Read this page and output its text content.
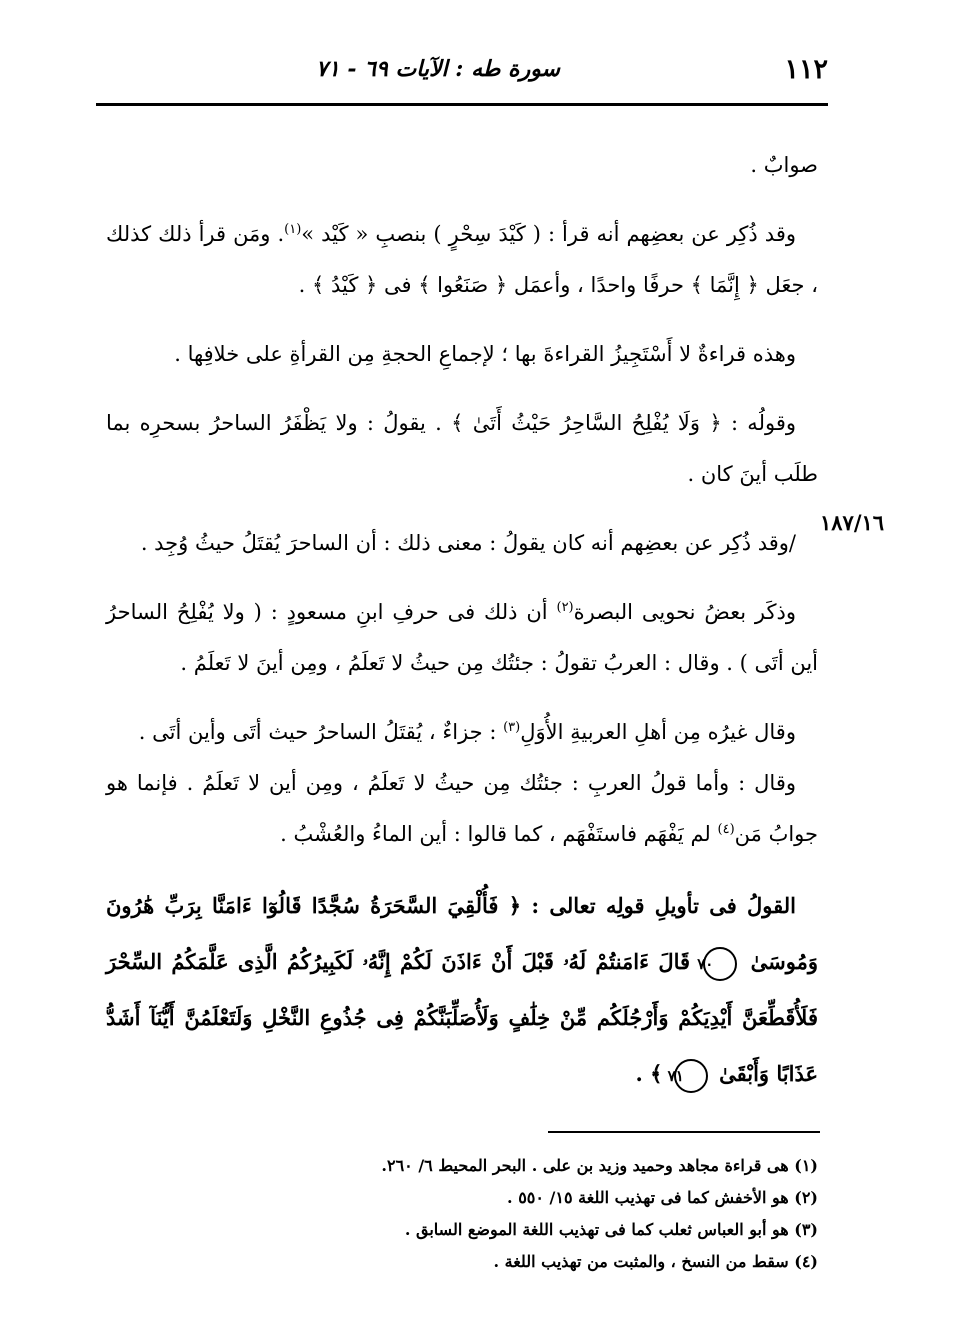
١١٢
سورة طه : الآيات ٦٩ - ٧١
١٨٧/١٦

صوابٌ .

وقد ذُكِر عن بعضِهم أنه قرأ : ( كَيْدَ سِحْرٍ ) بنصبِ « كَيْد »$^{(١)}$. ومَن قرأ ذلك كذلك ، جعَل ﴿ إِنَّمَا ﴾ حرفًا واحدًا ، وأعمَل ﴿ صَنَعُوا ﴾ فى ﴿ كَيْدُ ﴾ .

وهذه قراءةٌ لا أَسْتَجِيزُ القراءةَ بها ؛ لإجماعِ الحجةِ مِن القرأةِ على خلافِها .

وقولُه : ﴿ وَلَا يُفْلِحُ السَّاحِرُ حَيْثُ أَتَىٰ ﴾ . يقولُ : ولا يَظْفَرُ الساحرُ بسحرِه بما طلَب أينَ كان .

/وقد ذُكِر عن بعضِهم أنه كان يقولُ : معنى ذلك : أن الساحرَ يُقتَلُ حيثُ وُجِد .

وذكَر بعضُ نحويى البصرة$^{(٢)}$ أن ذلك فى حرفِ ابنِ مسعودٍ : ( ولا يُفْلِحُ الساحرُ أين أتَى ) . وقال : العربُ تقولُ : جئتُك مِن حيثُ لا تَعلَمُ ، ومِن أينَ لا تَعلَمُ .

وقال غيرُه مِن أهلِ العربيةِ الأُوَلِ$^{(٣)}$ : جزاءٌ ، يُقتَلُ الساحرُ حيث أتَى وأين أتَى .

وقال : وأما قولُ العربِ : جئتُك مِن حيثُ لا تَعلَمُ ، ومِن أين لا تَعلَمُ . فإنما هو جوابُ مَن$^{(٤)}$ لم يَفْهَم فاستَفْهَم ، كما قالوا : أين الماءُ والعُشْبُ .

القولُ فى تأويلِ قولِه تعالى : ﴿ فَأُلْقِيَ السَّحَرَةُ سُجَّدًا قَالُوٓا ءَامَنَّا بِرَبِّ هَٰرُونَ وَمُوسَىٰ ٧٠ قَالَ ءَامَنتُمْ لَهُۥ قَبْلَ أَنْ ءَاذَنَ لَكُمْ إِنَّهُۥ لَكَبِيرُكُمُ الَّذِى عَلَّمَكُمُ السِّحْرَ فَلَأُقَطِّعَنَّ أَيْدِيَكُمْ وَأَرْجُلَكُم مِّنْ خِلَٰفٍ وَلَأُصَلِّبَنَّكُمْ فِى جُذُوعِ النَّخْلِ وَلَتَعْلَمُنَّ أَيُّنَآ أَشَدُّ عَذَابًا وَأَبْقَىٰ ٧١ ﴾ .

(١) هى قراءة مجاهد وحميد وزيد بن على . البحر المحيط ٦/ ٢٦٠.

(٢) هو الأخفش كما فى تهذيب اللغة ١٥/ ٥٥٠ .

(٣) هو أبو العباس ثعلب كما فى تهذيب اللغة الموضع السابق .

(٤) سقط من النسخ ، والمثبت من تهذيب اللغة .
